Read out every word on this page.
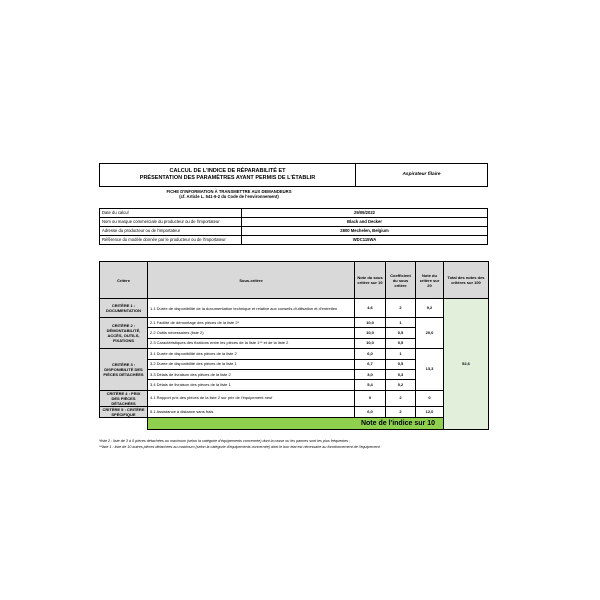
CALCUL DE L'INDICE DE RÉPARABILITÉ ET
PRÉSENTATION DES PARAMÈTRES AYANT PERMIS DE L'ÉTABLIR
	Aspirateur filaire
FICHE D'INFORMATION À TRANSMETTRE AUX DEMANDEURS
(cf. Article L. 541-9-2 du Code de l'environnement)
Date du calcul	29/09/2022
Nom ou marque commerciale du producteur ou de l'importateur	Black and Decker
Adresse du producteur ou de l'importateur	2800 Mechelen, Belgium
Référence du modèle donnée par le producteur ou de l'importateur	WDC115WA
Critère	Sous-critère	Note du sous critère sur 10	Coefficient du sous critère	Note du critère sur 20	Total des notes des critères sur 100	
CRITÈRE 1 : DOCUMENTATION	1.1 Durée de disponibilité de la documentation technique et relative aux conseils d'utilisation et d'entretien	4,6	2	9,2	52,6	
CRITÈRE 2 : DÉMONTABILITÉ, ACCÈS, OUTILS, FIXATIONS	2.1 Facilité de démontage des pièces de la liste 2*	10,0	1	20,0		
	2.2 Outils nécessaires (liste 2)	10,0	0,5			
	2.3 Caractéristiques des fixations entre les pièces de la liste 1** et de la liste 2	10,0	0,5			
CRITÈRE 3 : DISPONIBILITÉ DES PIÈCES DÉTACHÉES	3.1 Durée de disponibilité des pièces de la liste 2	6,0	1	13,3		
	3.2 Durée de disponibilité des pièces de la liste 1	6,7	0,5			
	3.3 Délais de livraison des pièces de la liste 2	3,0	0,3			
	3.4 Délais de livraison des pièces de la liste 1	5,4	0,2			
CRITÈRE 4 : PRIX DES PIÈCES DÉTACHÉES	4.1 Rapport prix des pièces de la liste 2 sur prix de l'équipement neuf	0	2	0		
CRITÈRE 5 : CRITÈRE SPÉCIFIQUE	5.1 Assistance à distance sans frais	6,0	2	12,0		
	Note de l'indice sur 10	
*liste 2 : liste de 3 à 5 pièces détachées au maximum (selon la catégorie d'équipements concernée) dont la casse ou les pannes sont les plus fréquentes ;
**liste 1 : liste de 10 autres pièces détachées au maximum (selon la catégorie d'équipements concernée) dont le bon état est nécessaire au fonctionnement de l'équipement.
